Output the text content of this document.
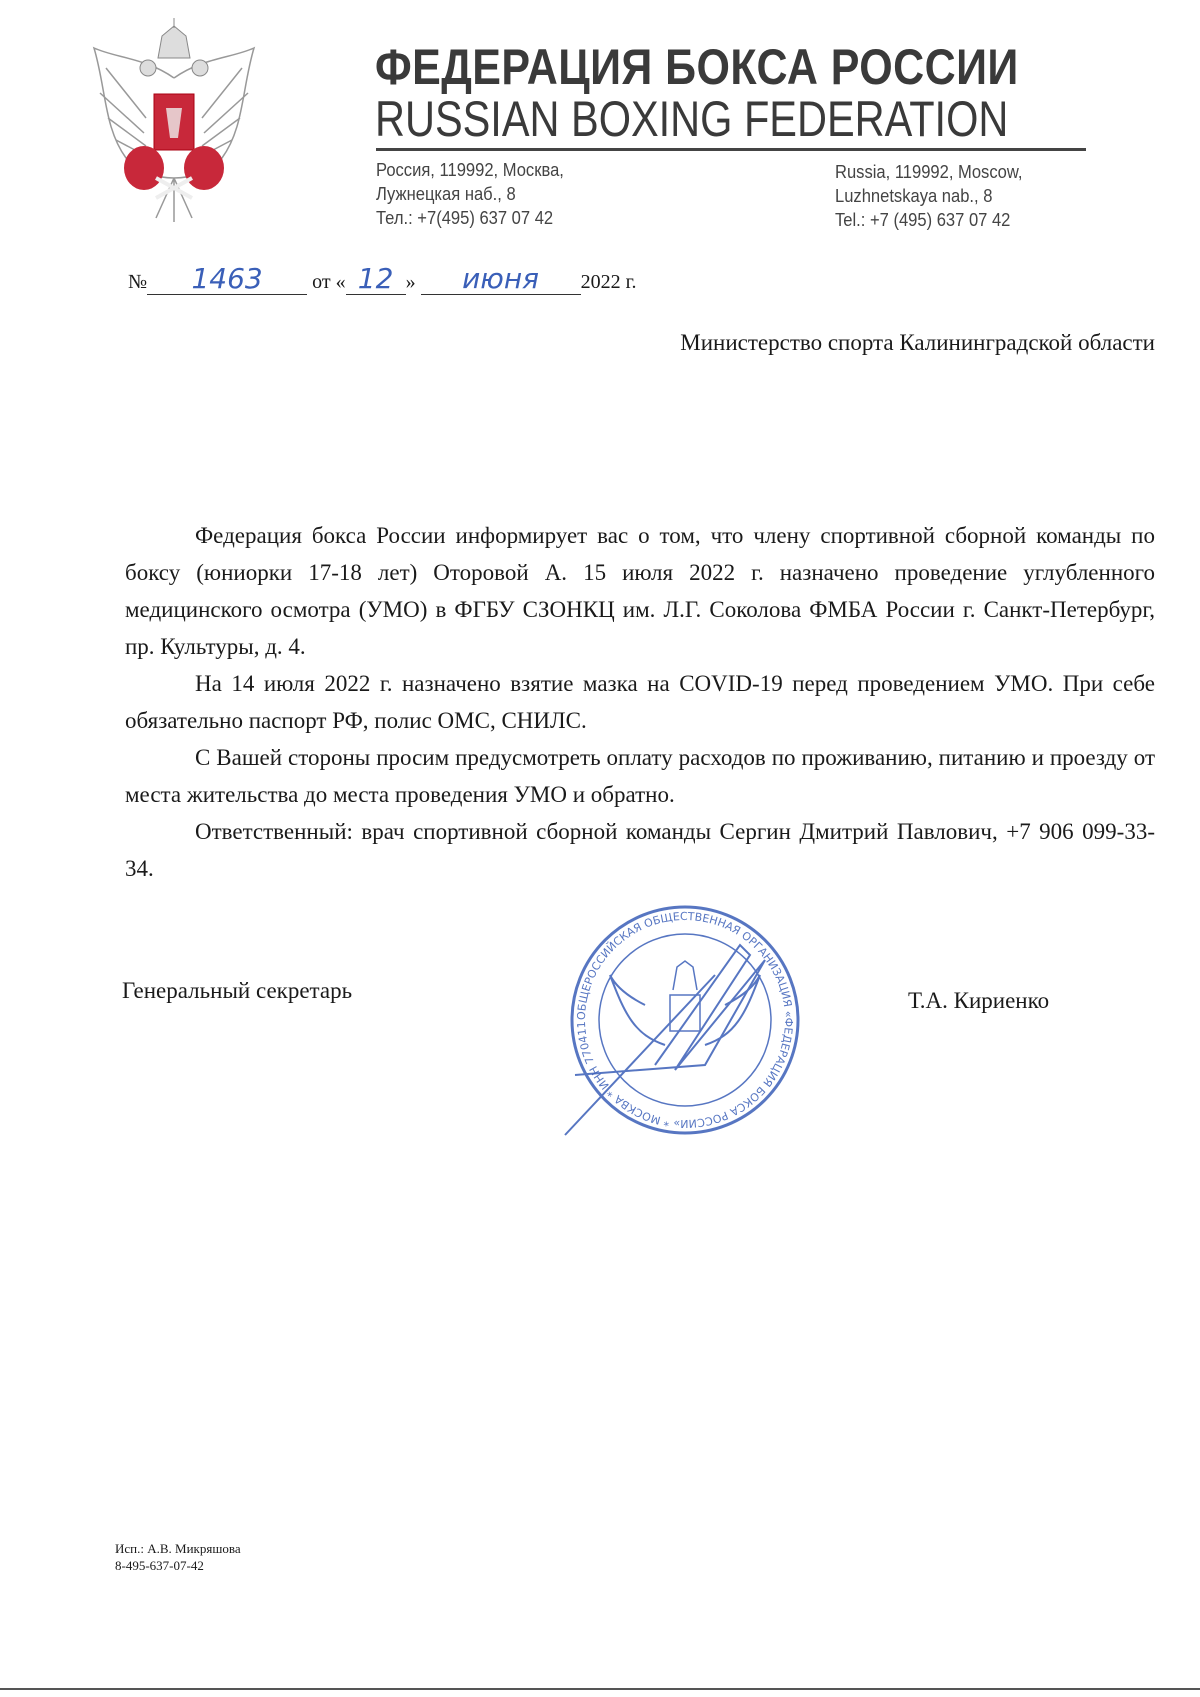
ФЕДЕРАЦИЯ БОКСА РОССИИ
RUSSIAN BOXING FEDERATION
Россия, 119992, Москва,
Лужнецкая наб., 8
Тел.: +7(495) 637 07 42
Russia, 119992, Moscow,
Luzhnetskaya nab., 8
Tel.: +7 (495) 637 07 42
№ 1463 от « 12 » июня 2022 г.
Министерство спорта Калининградской области

Федерация бокса России информирует вас о том, что члену спортивной сборной команды по боксу (юниорки 17-18 лет) Оторовой А. 15 июля 2022 г. назначено проведение углубленного медицинского осмотра (УМО) в ФГБУ СЗОНКЦ им. Л.Г. Соколова ФМБА России г. Санкт-Петербург, пр. Культуры, д. 4.

На 14 июля 2022 г. назначено взятие мазка на COVID-19 перед проведением УМО. При себе обязательно паспорт РФ, полис ОМС, СНИЛС.

С Вашей стороны просим предусмотреть оплату расходов по проживанию, питанию и проезду от места жительства до места проведения УМО и обратно.

Ответственный: врач спортивной сборной команды Сергин Дмитрий Павлович, +7 906 099-33-34.

Генеральный секретарь	Т.А. Кириенко
ОБЩЕРОССИЙСКАЯ ОБЩЕСТВЕННАЯ ОРГАНИЗАЦИЯ «ФЕДЕРАЦИЯ БОКСА РОССИИ» * МОСКВА * ИНН 770411
Исп.: А.В. Микряшова
8-495-637-07-42
